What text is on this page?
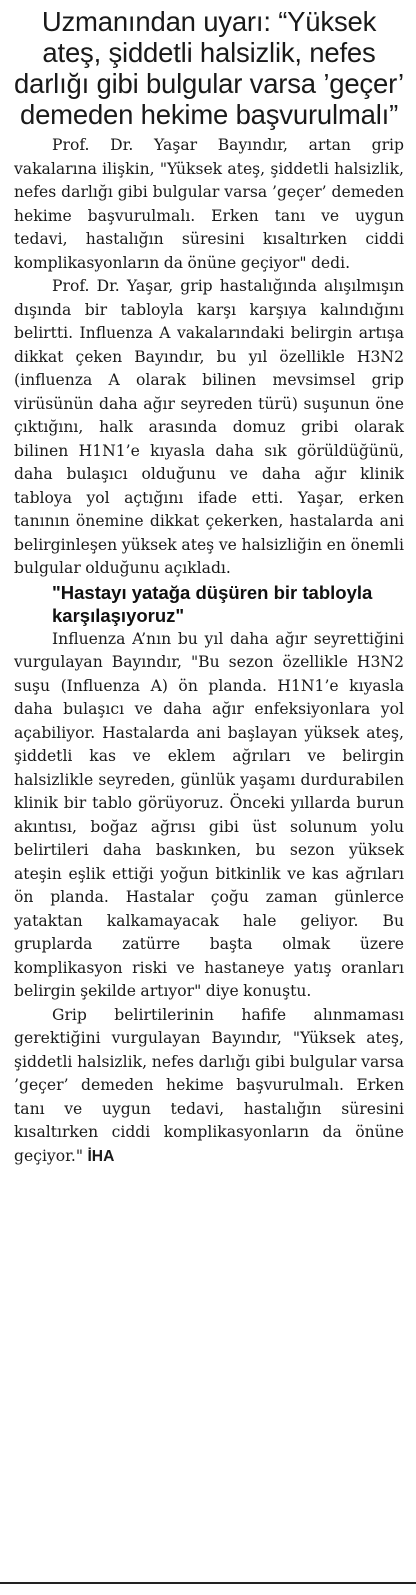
Uzmanından uyarı: “Yüksek ateş, şiddetli halsizlik, nefes darlığı gibi bulgular varsa ’geçer’ demeden hekime başvurulmalı”

Prof. Dr. Yaşar Bayındır, artan grip vakalarına ilişkin, "Yüksek ateş, şiddetli halsizlik, nefes darlığı gibi bulgular varsa ’geçer’ demeden hekime başvurulmalı. Erken tanı ve uygun tedavi, hastalığın süresini kısaltırken ciddi komplikasyonların da önüne geçiyor" dedi.

Prof. Dr. Yaşar, grip hastalığında alışılmışın dışında bir tabloyla karşı karşıya kalındığını belirtti. Influenza A vakalarındaki belirgin artışa dikkat çeken Bayındır, bu yıl özellikle H3N2 (influenza A olarak bilinen mevsimsel grip virüsünün daha ağır seyreden türü) suşunun öne çıktığını, halk arasında domuz gribi olarak bilinen H1N1’e kıyasla daha sık görüldüğünü, daha bulaşıcı olduğunu ve daha ağır klinik tabloya yol açtığını ifade etti. Yaşar, erken tanının önemine dikkat çekerken, hastalarda ani belirginleşen yüksek ateş ve halsizliğin en önemli bulgular olduğunu açıkladı.

"Hastayı yatağa düşüren bir tabloyla karşılaşıyoruz"

Influenza A’nın bu yıl daha ağır seyrettiğini vurgulayan Bayındır, "Bu sezon özellikle H3N2 suşu (Influenza A) ön planda. H1N1’e kıyasla daha bulaşıcı ve daha ağır enfeksiyonlara yol açabiliyor. Hastalarda ani başlayan yüksek ateş, şiddetli kas ve eklem ağrıları ve belirgin halsizlikle seyreden, günlük yaşamı durdurabilen klinik bir tablo görüyoruz. Önceki yıllarda burun akıntısı, boğaz ağrısı gibi üst solunum yolu belirtileri daha baskınken, bu sezon yüksek ateşin eşlik ettiği yoğun bitkinlik ve kas ağrıları ön planda. Hastalar çoğu zaman günlerce yataktan kalkamayacak hale geliyor. Bu gruplarda zatürre başta olmak üzere komplikasyon riski ve hastaneye yatış oranları belirgin şekilde artıyor" diye konuştu.

Grip belirtilerinin hafife alınmaması gerektiğini vurgulayan Bayındır, "Yüksek ateş, şiddetli halsizlik, nefes darlığı gibi bulgular varsa ’geçer’ demeden hekime başvurulmalı. Erken tanı ve uygun tedavi, hastalığın süresini kısaltırken ciddi komplikasyonların da önüne geçiyor." İHA
